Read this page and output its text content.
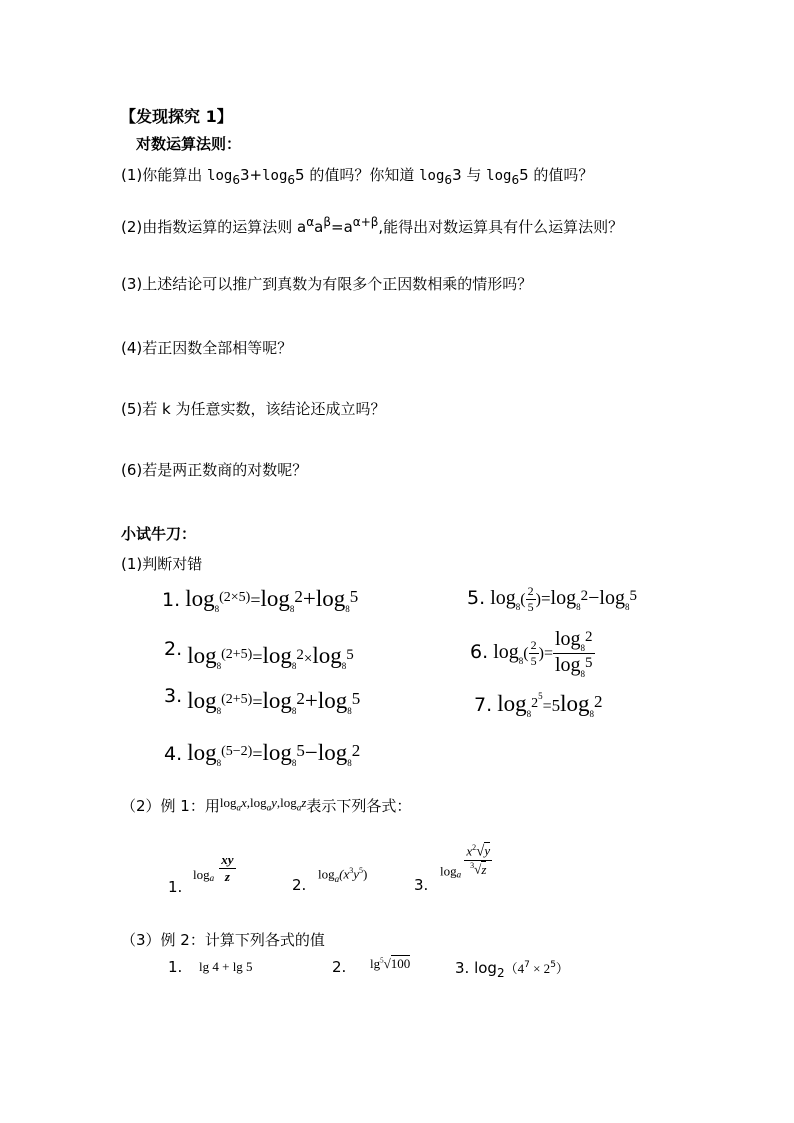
【发现探究 1】
对数运算法则：
(1)你能算出 $\log_63+\log_65$ 的值吗？你知道 $\log_63$ 与 $\log_65$ 的值吗？
(2)由指数运算的运算法则 $a^\alpha a^\beta=a^{\alpha+\beta}$,能得出对数运算具有什么运算法则？
(3)上述结论可以推广到真数为有限多个正因数相乘的情形吗？
(4)若正因数全部相等呢？
(5)若 k 为任意实数，该结论还成立吗？
(6)若是两正数商的对数呢？
小试牛刀：
(1)判断对错
1. $\log_8(2\times 5)=\log_82+\log_85$
2. $\log_8(2+5)=\log_82\times\log_85$
3. $\log_8(2+5)=\log_82+\log_85$
4. $\log_8(5-2)=\log_85-\log_82$
5. $\log_8( \frac{2}{5} )=\log_82-\log_85$
6. $\log_8( \frac{2}{5}$ )= $\frac{\log_82}{\log_85}$
7. $\log_82^5=5\log_82$
（2）例 1：用$\log_ax,\log_ay,\log_az$表示下列各式：
1.
$_{loga} \frac{xy}{z}$	2.
$\log_a(x^3y^5)$
3.
$\log_a \frac{x^2√y}{^3√z}$
（3）例 2：计算下列各式的值
1. lg 4 + lg 5	2. $\lg^5√100$	3. $\log_2(4^7 \times 2^5)$
